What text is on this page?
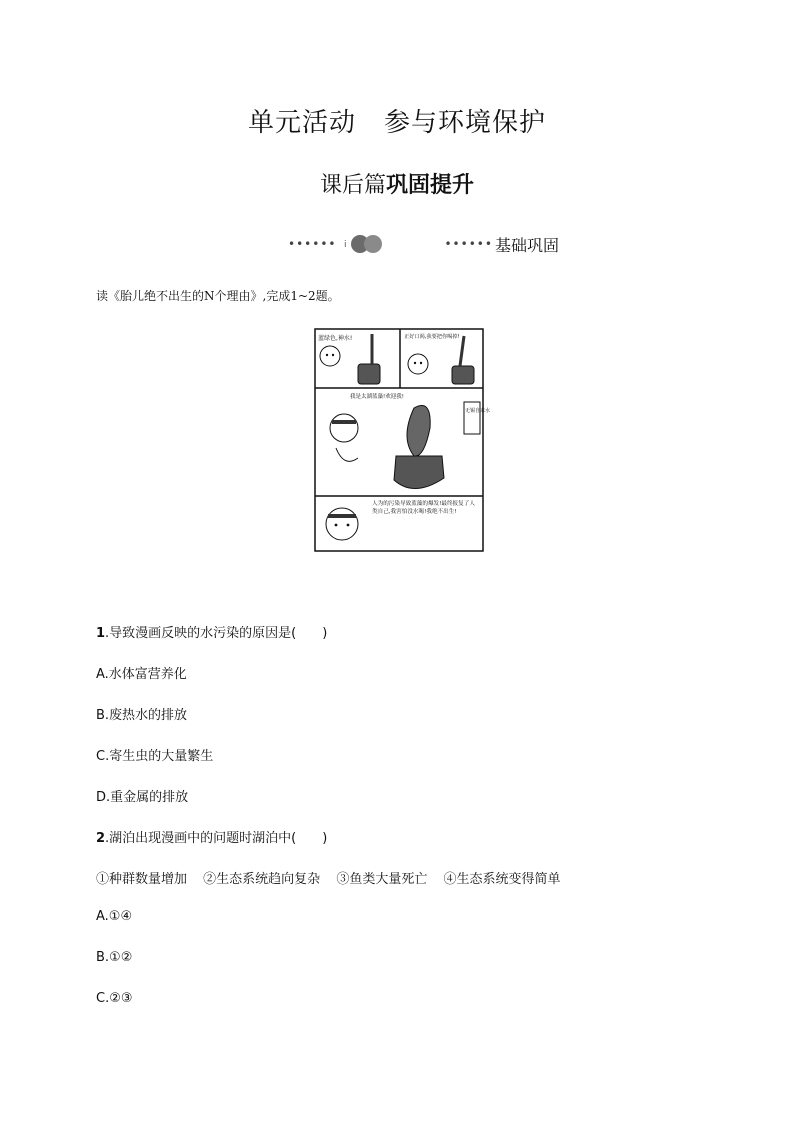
单元活动 参与环境保护
课后篇巩固提升
•••••• i	•••••• 基础巩固
读《胎儿绝不出生的N个理由》,完成1~2题。
蓝绿色,神水!	正好口渴,我要把你喝掉!
无锡自来水
我是太湖蓝藻!欢迎我!
人为的污染导致蓝藻的爆发!最终报复了人类自己,我害怕没水喝!我绝不出生!
1.导致漫画反映的水污染的原因是(　　)
A.水体富营养化
B.废热水的排放
C.寄生虫的大量繁生
D.重金属的排放
2.湖泊出现漫画中的问题时湖泊中(　　)
①种群数量增加 ②生态系统趋向复杂 ③鱼类大量死亡 ④生态系统变得简单
A.①④
B.①②
C.②③
